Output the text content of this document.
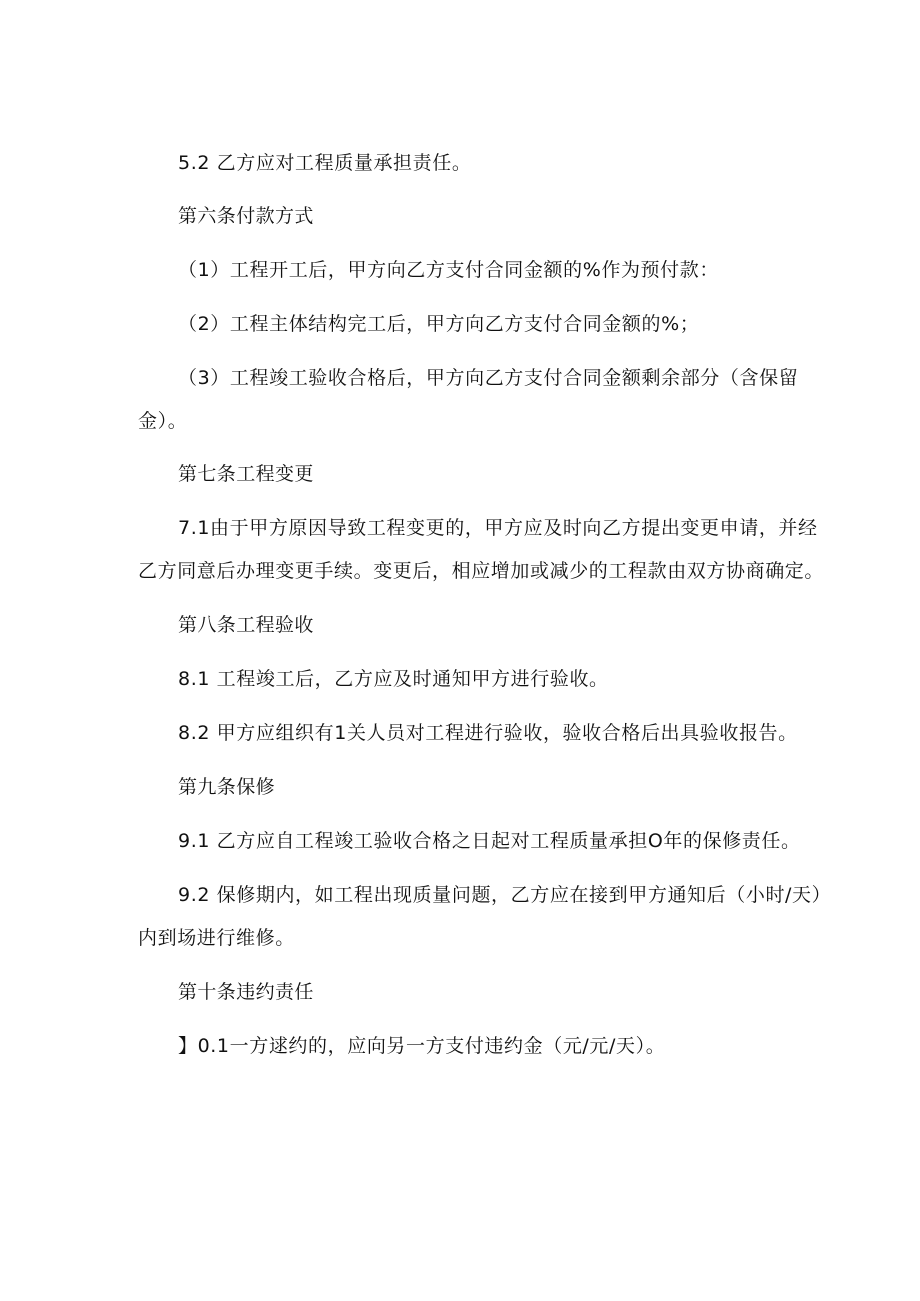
5.2 乙方应对工程质量承担责任。
第六条付款方式
（1）工程开工后，甲方向乙方支付合同金额的%作为预付款：
（2）工程主体结构完工后，甲方向乙方支付合同金额的%；
（3）工程竣工验收合格后，甲方向乙方支付合同金额剩余部分（含保留
金）。
第七条工程变更
7.1由于甲方原因导致工程变更的，甲方应及时向乙方提出变更申请，并经
乙方同意后办理变更手续。变更后，相应增加或减少的工程款由双方协商确定。
第八条工程验收
8.1 工程竣工后，乙方应及时通知甲方进行验收。
8.2 甲方应组织有1关人员对工程进行验收，验收合格后出具验收报告。
第九条保修
9.1 乙方应自工程竣工验收合格之日起对工程质量承担O年的保修责任。
9.2 保修期内，如工程出现质量问题，乙方应在接到甲方通知后（小时/天）
内到场进行维修。
第十条违约责任
】0.1一方逑约的，应向另一方支付违约金（元/元/天）。
